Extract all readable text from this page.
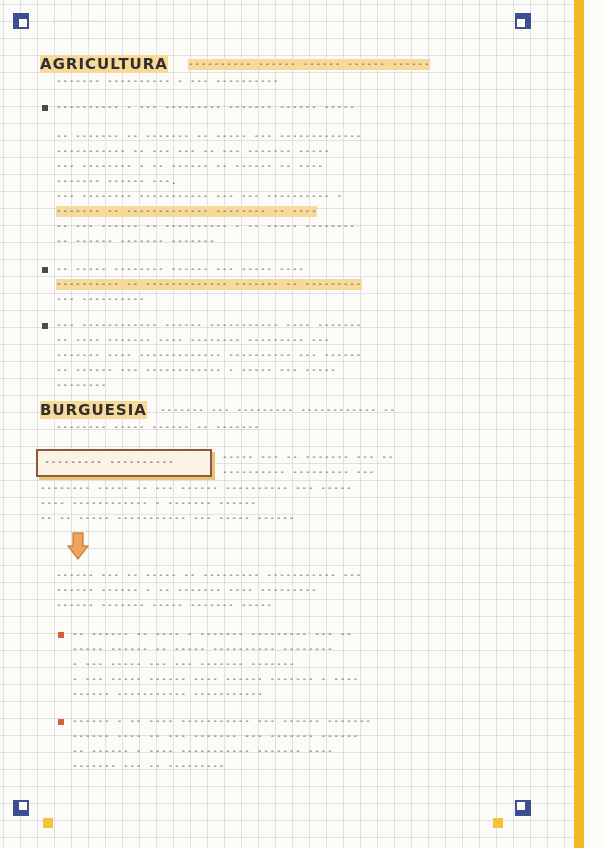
----------
AGRICULTURA ---------- ------ ------ ------ ------
------- ---------- - --- ----------
---------- - --- --------- ------- ------ -----
-- ------- -- ------- -- ----- --- -------------
----------- -- --- --- -- --- ------- -----
--- -------- - -- ------ -- ------ -- ----
------- ------ ---.
--- -------- ----------- --- --- ---------- -
------- -- ------------- -------- -- ----
-- --- ------ -- ---------- - -- ----- --------
-- ------ ------- -------
-- ----- -------- ------ --- ----- ----
---------- -- ------------- ------- -- ---------
--- ----------
--- ------------ ------ ----------- ---- -------
-- ---- ------- ---- -------- --------- ---
------- ---- ------------- ---------- --- ------
-- ------ --- ------------ - ----- --- -----
--------
BURGUESIA ------- --- --------- ------------ --
-------- ----- ------ -- -------
--------- ----------	----- --- -- ------- --- --
---------- --------- ---
-------- ----- -- --- ------ ---------- --- -----
---- ------------ - ------- ------
-- -- ----- ----------- --- ----- ------
------ --- -- ----- -- --------- ----------- ---
------ ------ - -- ------- ---- ---------
------ ------- ----- ------- -----
-- ------ -- ---- - ------- --------- --- --
----- ------ -- ----- ---------- --------
- --- ----- --- --- ------- -------
- --- ----- ------ ---- ------ ------- - ----
------ ----------- -----------
------ - -- ---- ----------- --- ------ -------
------ ---- -- --- ------- --- ------- ------
-- ------ - ---- ----------- ------- ----
------- --- -- ---------
